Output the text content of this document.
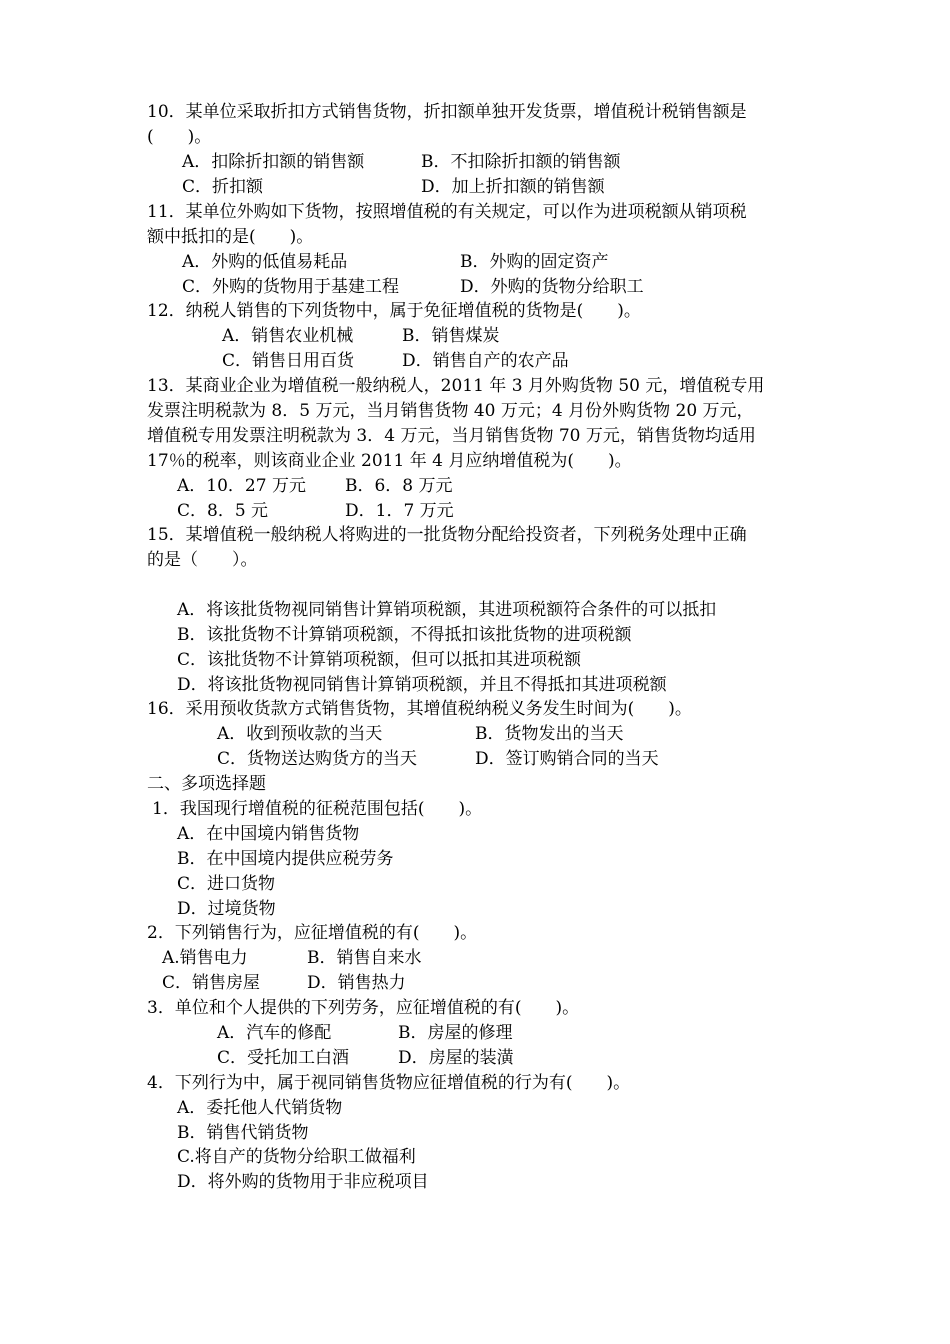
10．某单位采取折扣方式销售货物，折扣额单独开发货票，增值税计税销售额是
(　　)。
A．扣除折扣额的销售额	B．不扣除折扣额的销售额
C．折扣额	D．加上折扣额的销售额
11．某单位外购如下货物，按照增值税的有关规定，可以作为进项税额从销项税
额中抵扣的是(　　)。
A．外购的低值易耗品	B．外购的固定资产
C．外购的货物用于基建工程	D．外购的货物分给职工
12．纳税人销售的下列货物中，属于免征增值税的货物是(　　)。
A．销售农业机械	B．销售煤炭
C．销售日用百货	D．销售自产的农产品
13．某商业企业为增值税一般纳税人，2011 年 3 月外购货物 50 元，增值税专用
发票注明税款为 8．5 万元，当月销售货物 40 万元；4 月份外购货物 20 万元，
增值税专用发票注明税款为 3．4 万元，当月销售货物 70 万元，销售货物均适用
17％的税率，则该商业企业 2011 年 4 月应纳增值税为(　　)。
A．10．27 万元 B．6．8 万元
C．8．5 元	D．1．7 万元
15．某增值税一般纳税人将购进的一批货物分配给投资者，下列税务处理中正确
的是（　　）。
A．将该批货物视同销售计算销项税额，其进项税额符合条件的可以抵扣
B．该批货物不计算销项税额，不得抵扣该批货物的进项税额
C．该批货物不计算销项税额，但可以抵扣其进项税额
D．将该批货物视同销售计算销项税额，并且不得抵扣其进项税额
16．采用预收货款方式销售货物，其增值税纳税义务发生时间为(　　)。
A．收到预收款的当天	B．货物发出的当天
C．货物送达购货方的当天	D．签订购销合同的当天
二、多项选择题
1．我国现行增值税的征税范围包括(　　)。
A．在中国境内销售货物
B．在中国境内提供应税劳务
C．进口货物
D．过境货物
2．下列销售行为，应征增值税的有(　　)。
A.销售电力	B．销售自来水
C．销售房屋	D．销售热力
3．单位和个人提供的下列劳务，应征增值税的有(　　)。
A．汽车的修配	B．房屋的修理
C．受托加工白酒	D．房屋的装潢
4．下列行为中，属于视同销售货物应征增值税的行为有(　　)。
A．委托他人代销货物
B．销售代销货物
C.将自产的货物分给职工做福利
D．将外购的货物用于非应税项目
